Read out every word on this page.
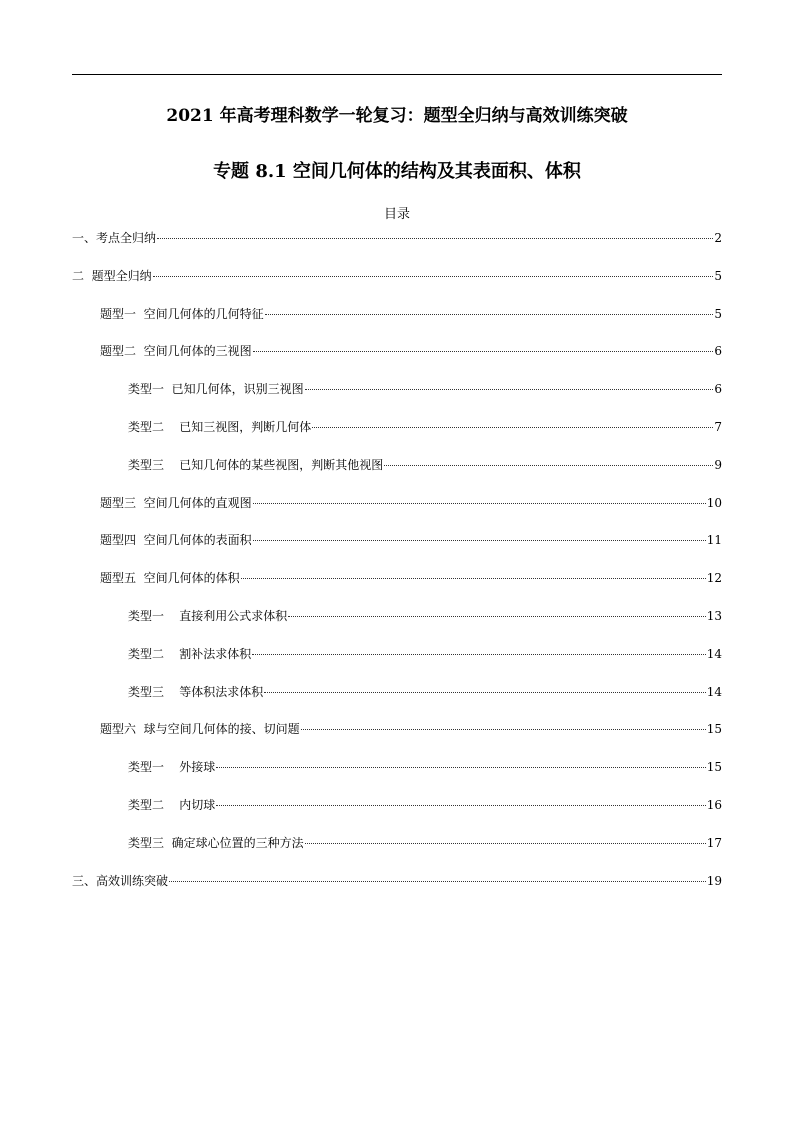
2021 年高考理科数学一轮复习：题型全归纳与高效训练突破
专题 8.1 空间几何体的结构及其表面积、体积
目录
一、考点全归纳	2
二  题型全归纳	5
题型一  空间几何体的几何特征	5
题型二  空间几何体的三视图	6
类型一  已知几何体，识别三视图	6
类型二    已知三视图，判断几何体	7
类型三    已知几何体的某些视图，判断其他视图	9
题型三  空间几何体的直观图	10
题型四  空间几何体的表面积	11
题型五  空间几何体的体积	12
类型一    直接利用公式求体积	13
类型二    割补法求体积	14
类型三    等体积法求体积	14
题型六  球与空间几何体的接、切问题	15
类型一    外接球	15
类型二    内切球	16
类型三  确定球心位置的三种方法	17
三、高效训练突破	19
